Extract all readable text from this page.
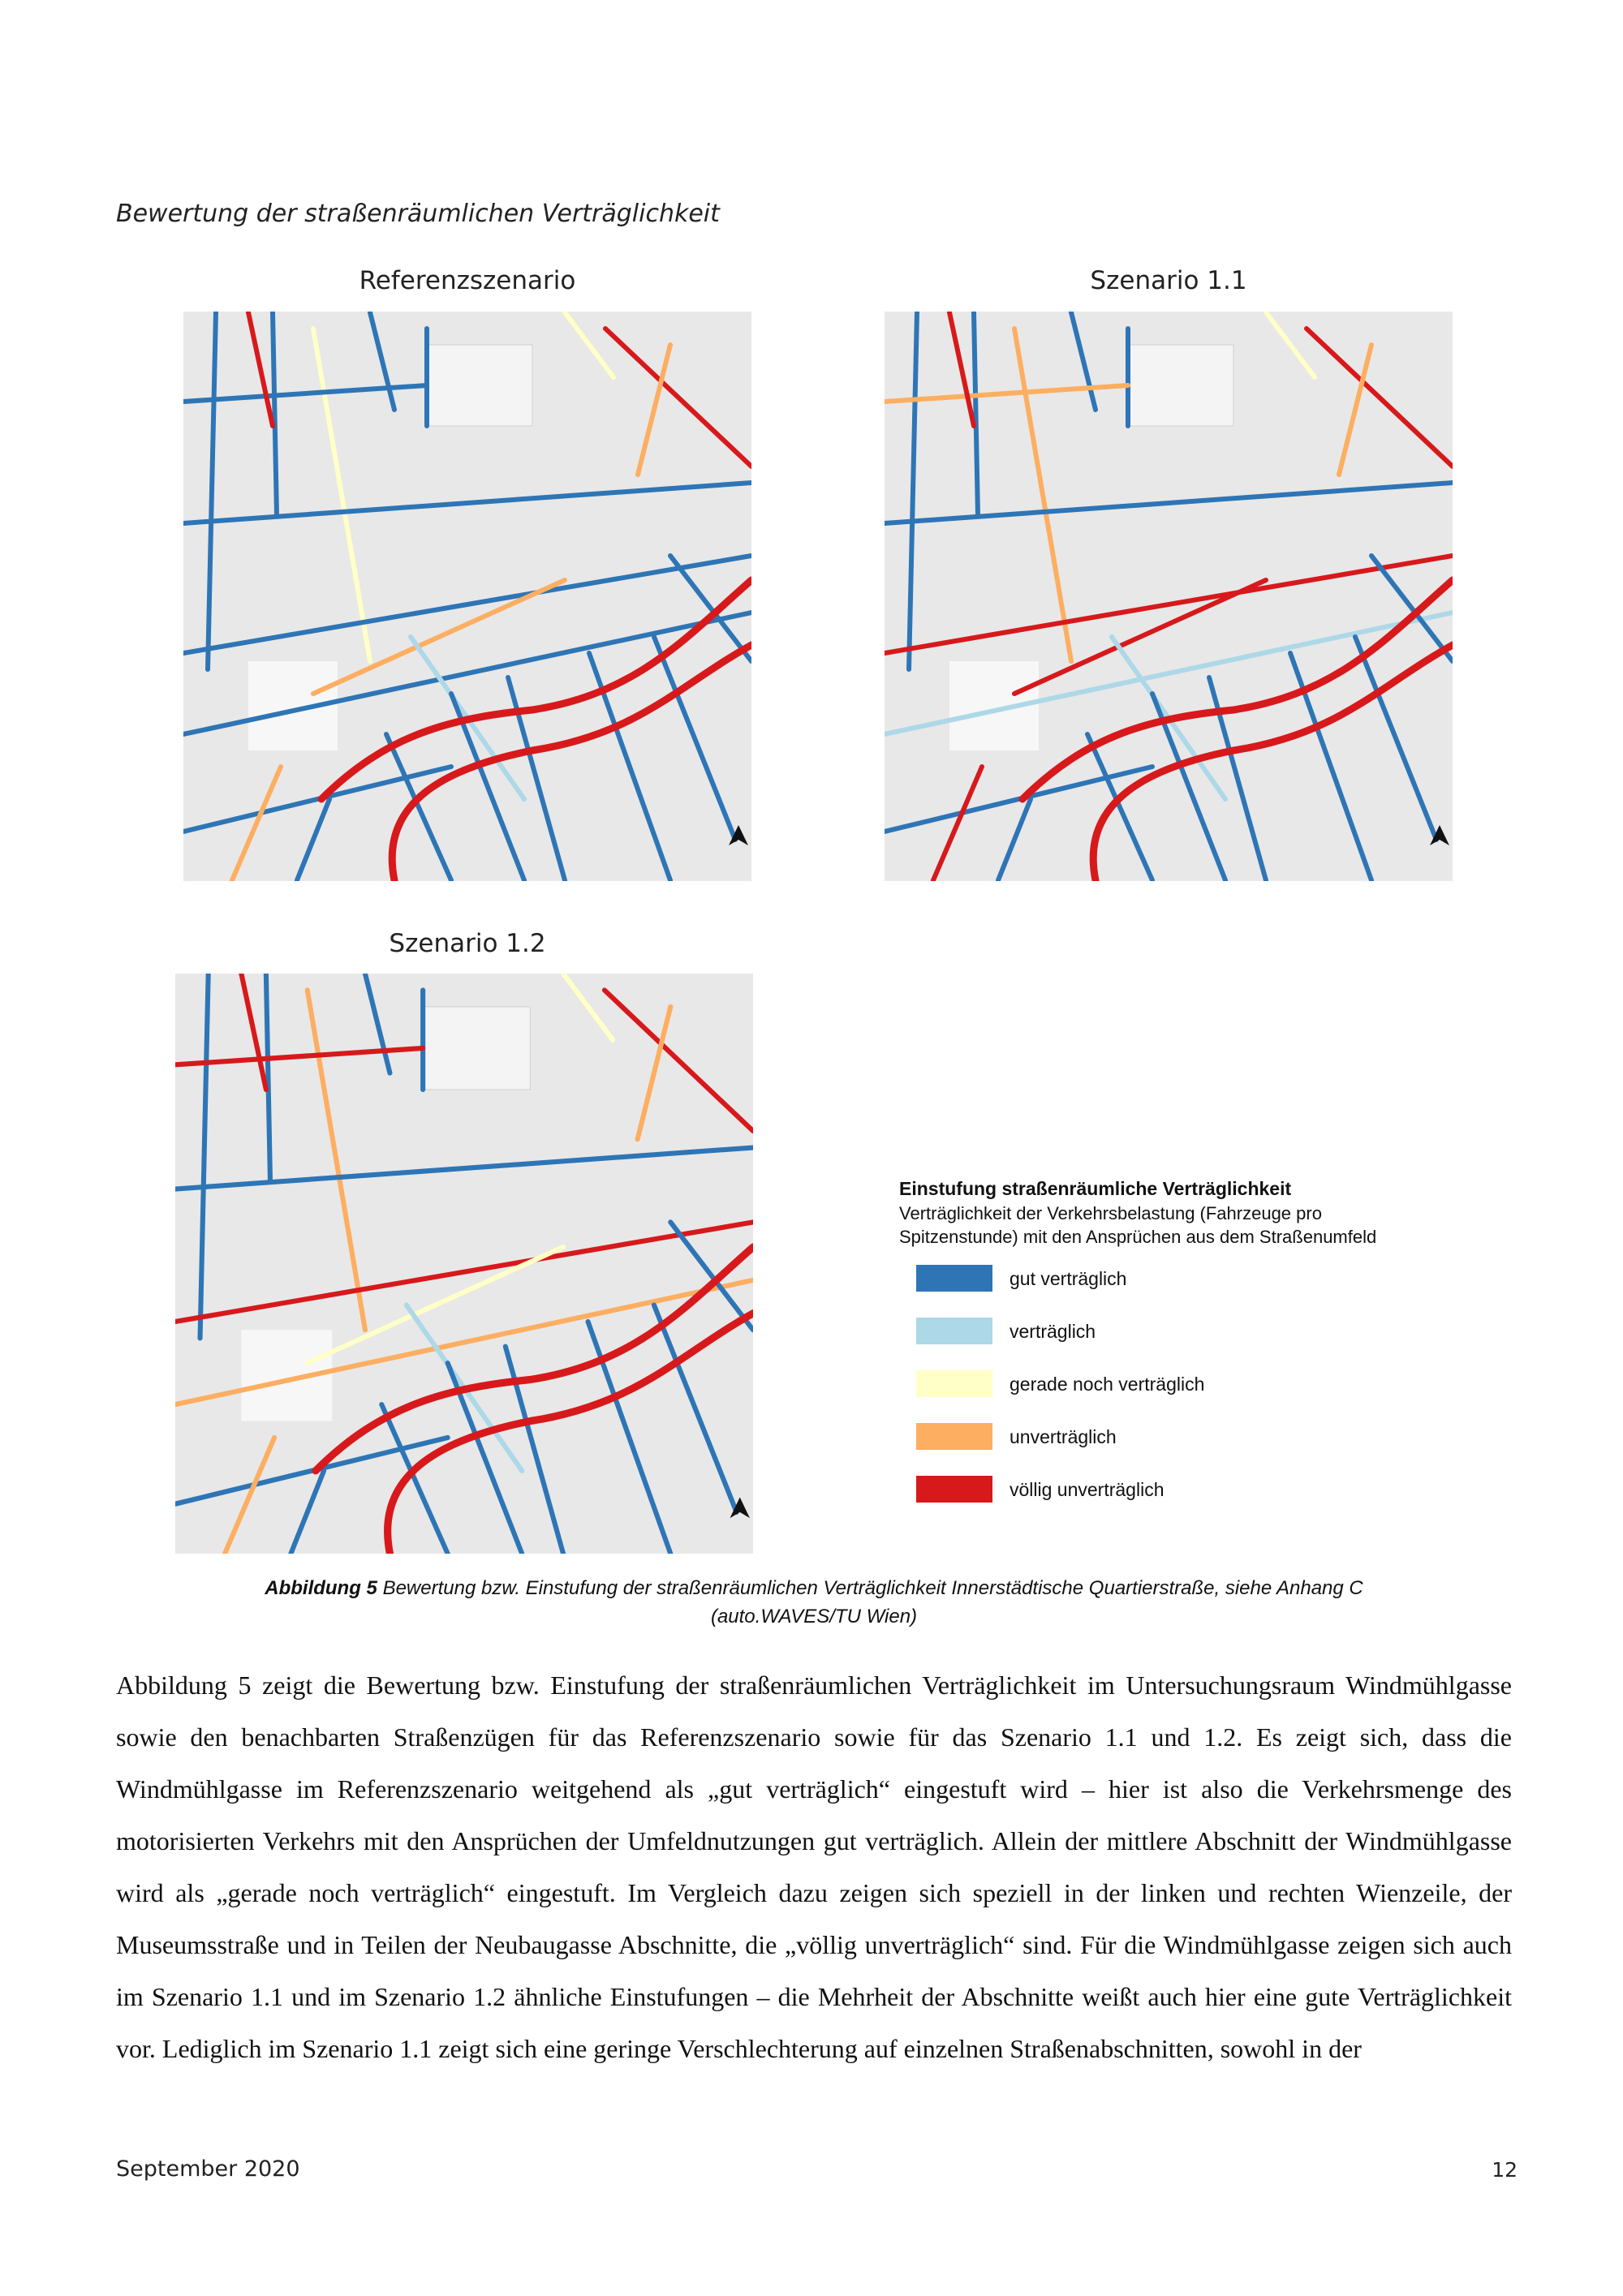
Bewertung der straßenräumlichen Verträglichkeit
Referenzszenario	Szenario 1.1
Szenario 1.2
Einstufung straßenräumliche Verträglichkeit
Verträglichkeit der Verkehrsbelastung (Fahrzeuge pro
Spitzenstunde) mit den Ansprüchen aus dem Straßenumfeld
gut verträglich
verträglich
gerade noch verträglich
unverträglich
völlig unverträglich
Abbildung 5 Bewertung bzw. Einstufung der straßenräumlichen Verträglichkeit Innerstädtische Quartierstraße, siehe Anhang C
(auto.WAVES/TU Wien)
Abbildung 5 zeigt die Bewertung bzw. Einstufung der straßenräumlichen Verträglichkeit im Untersuchungsraum Windmühlgasse sowie den benachbarten Straßenzügen für das Referenzszenario sowie für das Szenario 1.1 und 1.2. Es zeigt sich, dass die Windmühlgasse im Referenzszenario weitgehend als „gut verträglich“ eingestuft wird – hier ist also die Verkehrsmenge des motorisierten Verkehrs mit den Ansprüchen der Umfeldnutzungen gut verträglich. Allein der mittlere Abschnitt der Windmühlgasse wird als „gerade noch verträglich“ eingestuft. Im Vergleich dazu zeigen sich speziell in der linken und rechten Wienzeile, der Museumsstraße und in Teilen der Neubaugasse Abschnitte, die „völlig unverträglich“ sind. Für die Windmühlgasse zeigen sich auch im Szenario 1.1 und im Szenario 1.2 ähnliche Einstufungen – die Mehrheit der Abschnitte weißt auch hier eine gute Verträglichkeit vor. Lediglich im Szenario 1.1 zeigt sich eine geringe Verschlechterung auf einzelnen Straßenabschnitten, sowohl in der
September 2020	12
